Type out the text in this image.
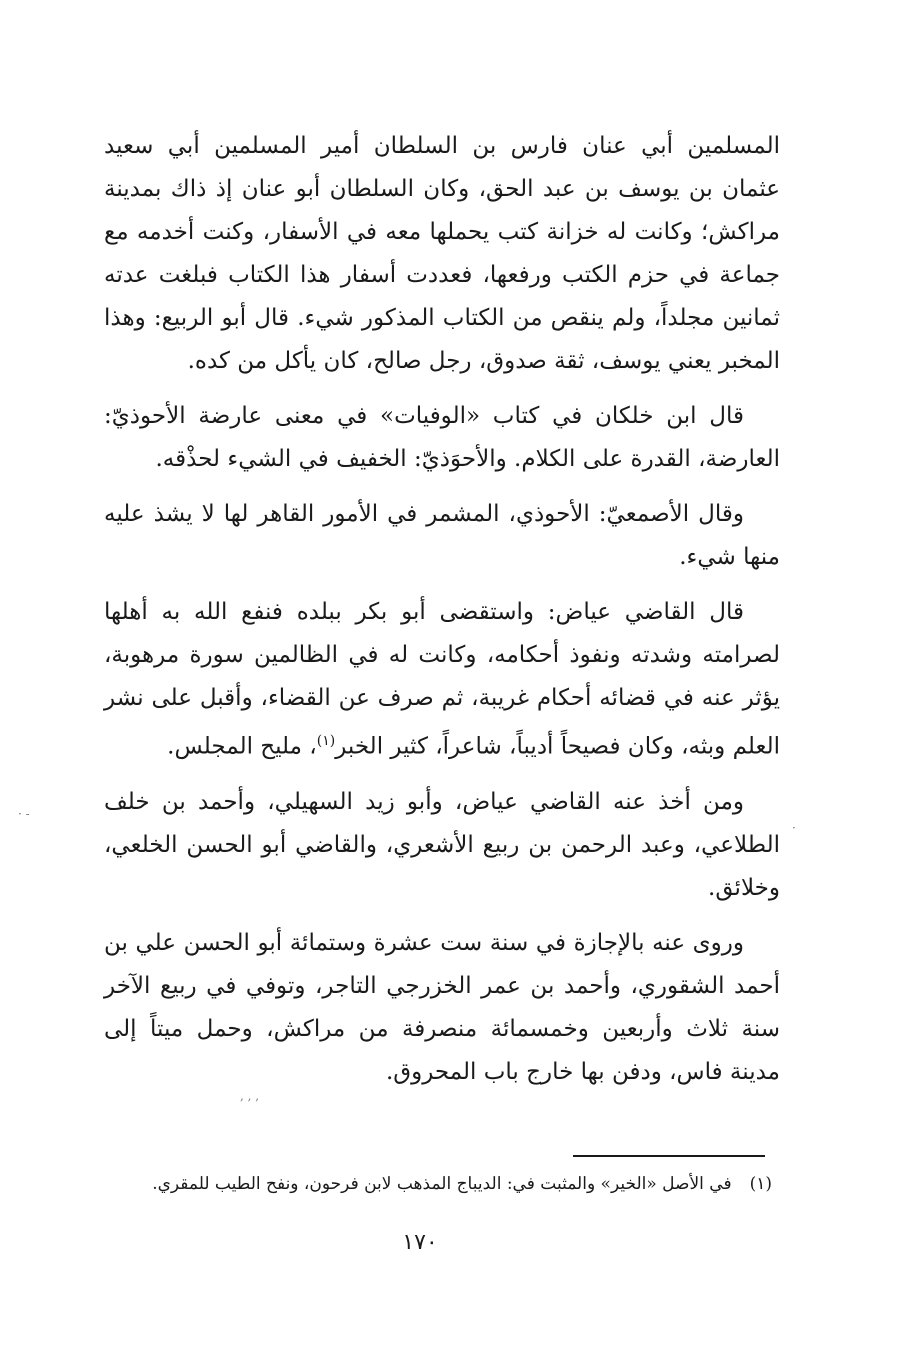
المسلمين أبي عنان فارس بن السلطان أمير المسلمين أبي سعيد عثمان بن يوسف بن عبد الحق، وكان السلطان أبو عنان إذ ذاك بمدينة مراكش؛ وكانت له خزانة كتب يحملها معه في الأسفار، وكنت أخدمه مع جماعة في حزم الكتب ورفعها، فعددت أسفار هذا الكتاب فبلغت عدته ثمانين مجلداً، ولم ينقص من الكتاب المذكور شيء. قال أبو الربيع: وهذا المخبر يعني يوسف، ثقة صدوق، رجل صالح، كان يأكل من كده.

قال ابن خلكان في كتاب «الوفيات» في معنى عارضة الأحوذيّ: العارضة، القدرة على الكلام. والأحوَذيّ: الخفيف في الشيء لحذْقه.

وقال الأصمعيّ: الأحوذي، المشمر في الأمور القاهر لها لا يشذ عليه منها شيء.

قال القاضي عياض: واستقضى أبو بكر ببلده فنفع الله به أهلها لصرامته وشدته ونفوذ أحكامه، وكانت له في الظالمين سورة مرهوبة، يؤثر عنه في قضائه أحكام غريبة، ثم صرف عن القضاء، وأقبل على نشر العلم وبثه، وكان فصيحاً أديباً، شاعراً، كثير الخبر$^{(١)}$، مليح المجلس.

ومن أخذ عنه القاضي عياض، وأبو زيد السهيلي، وأحمد بن خلف الطلاعي، وعبد الرحمن بن ربيع الأشعري، والقاضي أبو الحسن الخلعي، وخلائق.

وروى عنه بالإجازة في سنة ست عشرة وستمائة أبو الحسن علي بن أحمد الشقوري، وأحمد بن عمر الخزرجي التاجر، وتوفي في ربيع الآخر سنة ثلاث وأربعين وخمسمائة منصرفة من مراكش، وحمل ميتاً إلى مدينة فاس، ودفن بها خارج باب المحروق.

(١)في الأصل «الخير» والمثبت في: الديباج المذهب لابن فرحون، ونفح الطيب للمقري.
١٧٠
· -
·
, , ,
